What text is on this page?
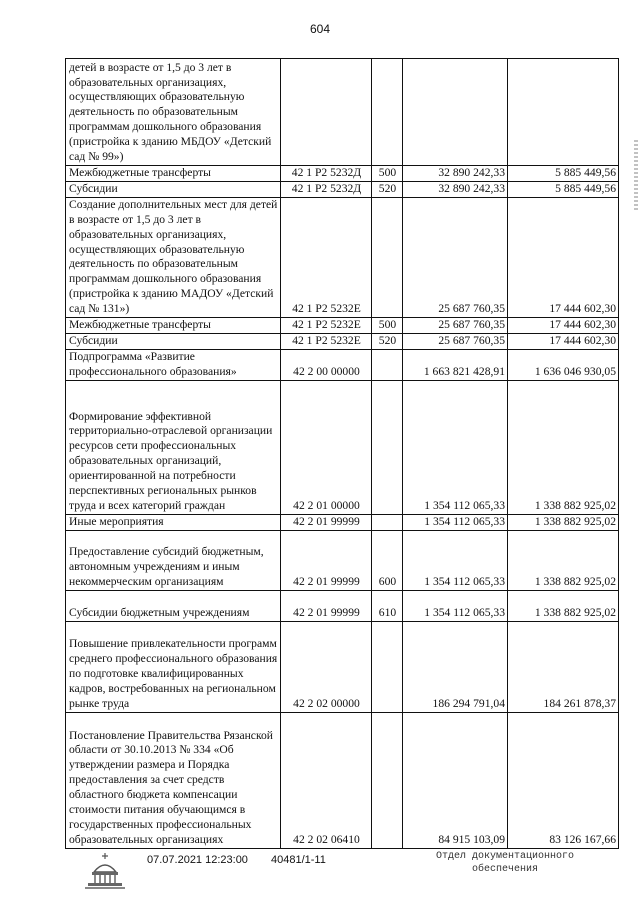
604
детей в возрасте от 1,5 до 3 лет в образовательных организациях, осуществляющих образовательную деятельность по образовательным программам дошкольного образования (пристройка к зданию МБДОУ «Детский сад № 99»)				
Межбюджетные трансферты	42 1 P2 5232Д	500	32 890 242,33	5 885 449,56
Субсидии	42 1 P2 5232Д	520	32 890 242,33	5 885 449,56
Создание дополнительных мест для детей в возрасте от 1,5 до 3 лет в образовательных организациях, осуществляющих образовательную деятельность по образовательным программам дошкольного образования (пристройка к зданию МАДОУ «Детский сад № 131»)	42 1 P2 5232Е		25 687 760,35	17 444 602,30
Межбюджетные трансферты	42 1 P2 5232Е	500	25 687 760,35	17 444 602,30
Субсидии	42 1 P2 5232Е	520	25 687 760,35	17 444 602,30
Подпрограмма «Развитие профессионального образования»	42 2 00 00000		1 663 821 428,91	1 636 046 930,05
Формирование эффективной территориально-отраслевой организации ресурсов сети профессиональных образовательных организаций, ориентированной на потребности перспективных региональных рынков труда и всех категорий граждан	42 2 01 00000		1 354 112 065,33	1 338 882 925,02
Иные мероприятия	42 2 01 99999		1 354 112 065,33	1 338 882 925,02
Предоставление субсидий бюджетным, автономным учреждениям и иным некоммерческим организациям	42 2 01 99999	600	1 354 112 065,33	1 338 882 925,02
Субсидии бюджетным учреждениям	42 2 01 99999	610	1 354 112 065,33	1 338 882 925,02
Повышение привлекательности программ среднего профессионального образования по подготовке квалифицированных кадров, востребованных на региональном рынке труда	42 2 02 00000		186 294 791,04	184 261 878,37
Постановление Правительства Рязанской области от 30.10.2013 № 334 «Об утверждении размера и Порядка предоставления за счет средств областного бюджета компенсации стоимости питания обучающимся в государственных профессиональных образовательных организациях	42 2 02 06410		84 915 103,09	83 126 167,66
07.07.2021 12:23:00 40481/1-11	Отдел документационного
обеспечения
